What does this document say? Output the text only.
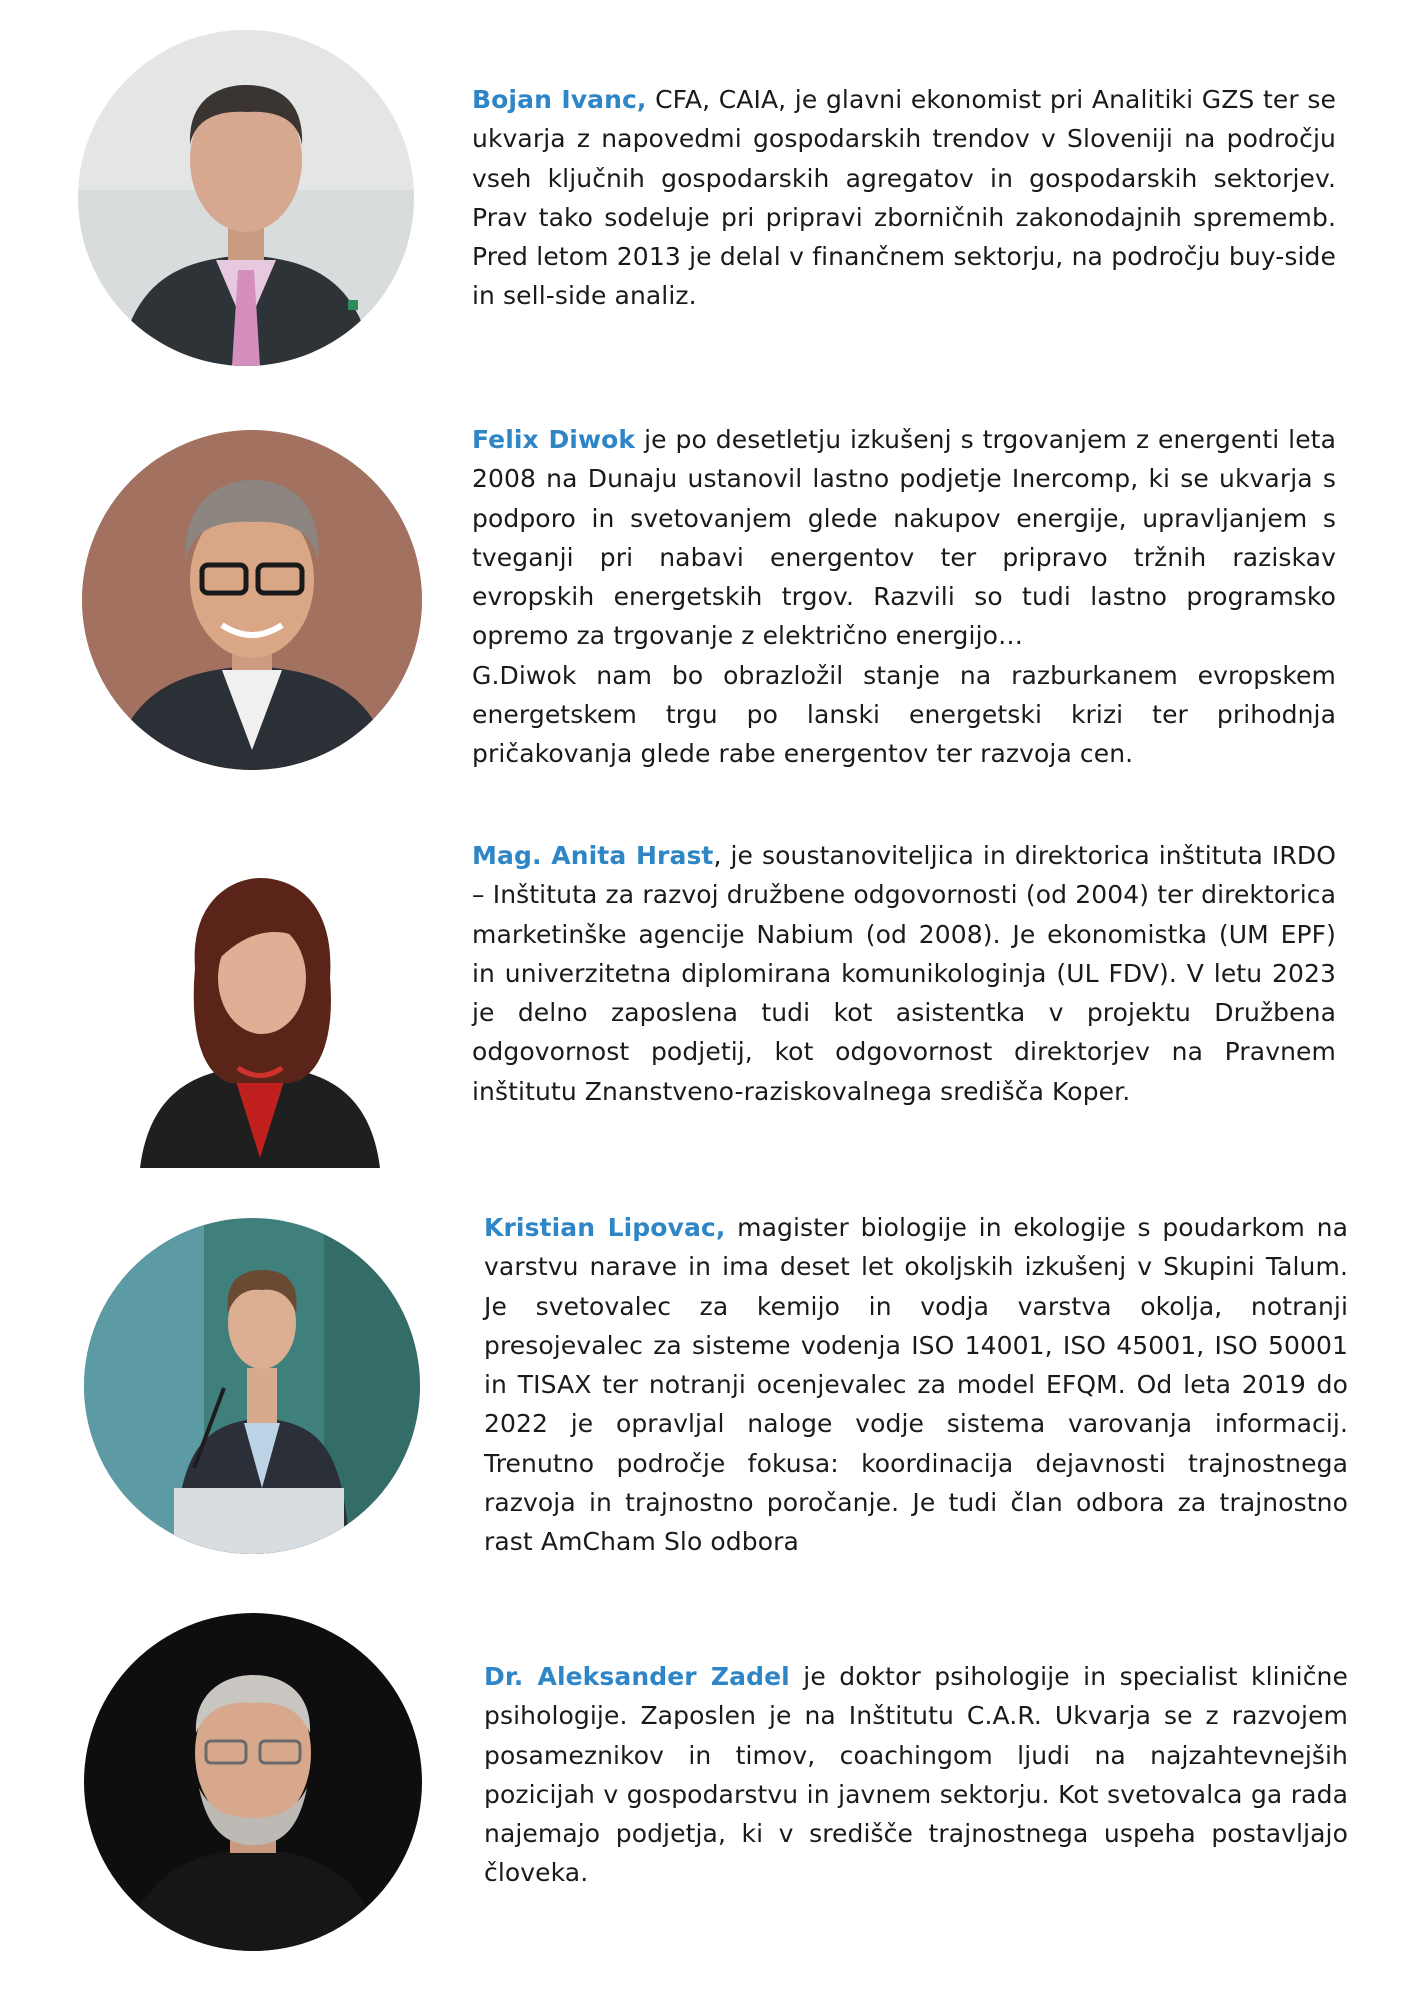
Bojan Ivanc, CFA, CAIA, je glavni ekonomist pri Analitiki GZS ter se ukvarja z napovedmi gospodarskih trendov v Sloveniji na področju vseh ključnih gospodarskih agregatov in gospodarskih sektorjev. Prav tako sodeluje pri pripravi zborničnih zakonodajnih sprememb. Pred letom 2013 je delal v finančnem sektorju, na področju buy-side in sell-side analiz.

Felix Diwok je po desetletju izkušenj s trgovanjem z energenti leta 2008 na Dunaju ustanovil lastno podjetje Inercomp, ki se ukvarja s podporo in svetovanjem glede nakupov energije, upravljanjem s tveganji pri nabavi energentov ter pripravo tržnih raziskav evropskih energetskih trgov. Razvili so tudi lastno programsko opremo za trgovanje z električno energijo…
G.Diwok nam bo obrazložil stanje na razburkanem evropskem energetskem trgu po lanski energetski krizi ter prihodnja pričakovanja glede rabe energentov ter razvoja cen.

Mag. Anita Hrast, je soustanoviteljica in direktorica inštituta IRDO – Inštituta za razvoj družbene odgovornosti (od 2004) ter direktorica marketinške agencije Nabium (od 2008). Je ekonomistka (UM EPF) in univerzitetna diplomirana komunikologinja (UL FDV). V letu 2023 je delno zaposlena tudi kot asistentka v projektu Družbena odgovornost podjetij, kot odgovornost direktorjev na Pravnem inštitutu Znanstveno-raziskovalnega središča Koper.

Kristian Lipovac, magister biologije in ekologije s poudarkom na varstvu narave in ima deset let okoljskih izkušenj v Skupini Talum. Je svetovalec za kemijo in vodja varstva okolja, notranji presojevalec za sisteme vodenja ISO 14001, ISO 45001, ISO 50001 in TISAX ter notranji ocenjevalec za model EFQM. Od leta 2019 do 2022 je opravljal naloge vodje sistema varovanja informacij. Trenutno področje fokusa: koordinacija dejavnosti trajnostnega razvoja in trajnostno poročanje. Je tudi član odbora za trajnostno rast AmCham Slo odbora

Dr. Aleksander Zadel je doktor psihologije in specialist klinične psihologije. Zaposlen je na Inštitutu C.A.R. Ukvarja se z razvojem posameznikov in timov, coachingom ljudi na najzahtevnejših pozicijah v gospodarstvu in javnem sektorju. Kot svetovalca ga rada najemajo podjetja, ki v središče trajnostnega uspeha postavljajo človeka.
